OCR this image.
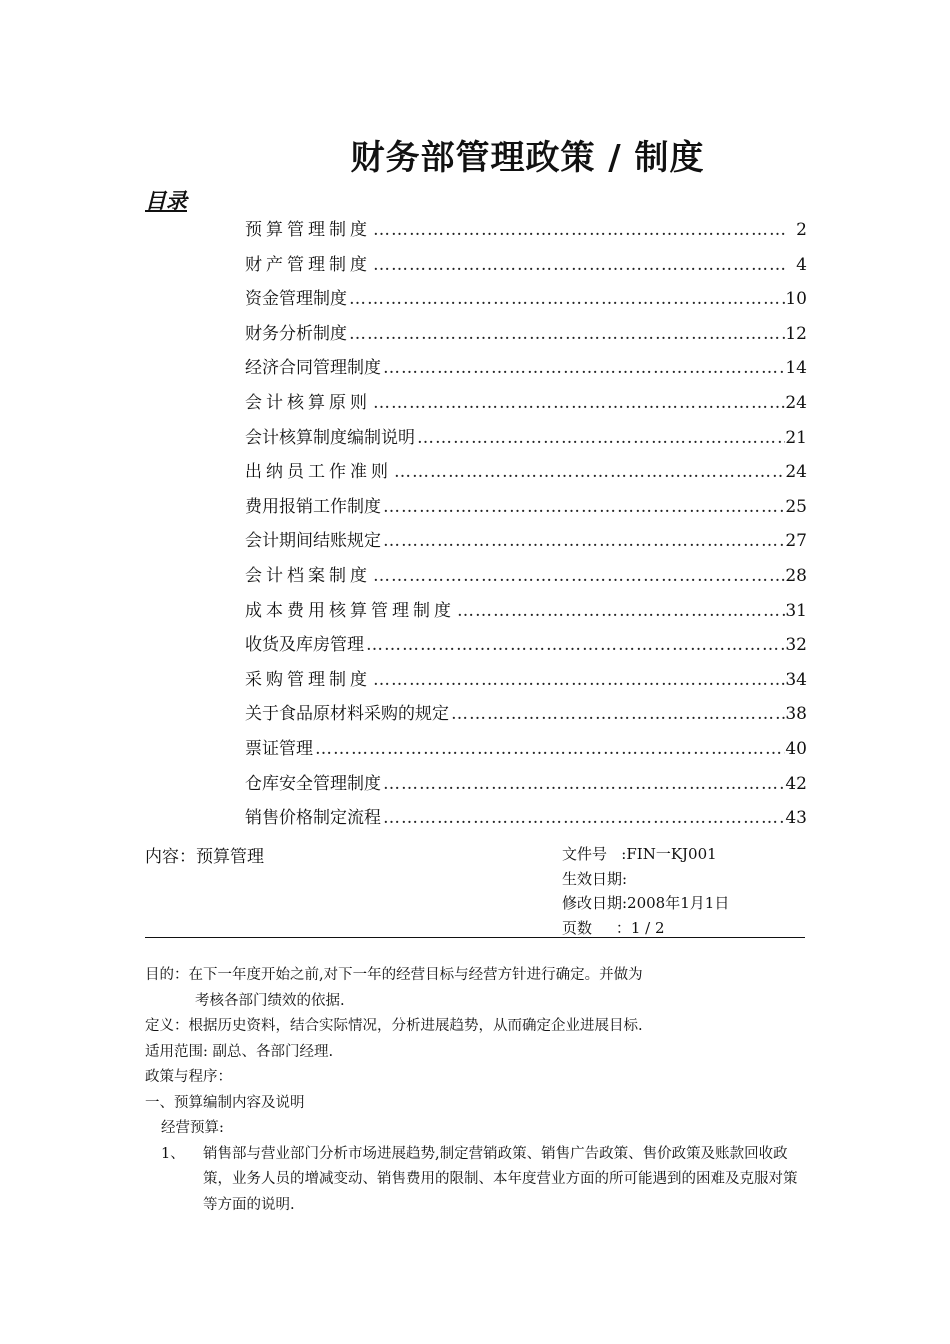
财务部管理政策 / 制度
目录
预算管理制度 ……………………………………………………………………………………………………………………………………	2
财产管理制度 ……………………………………………………………………………………………………………………………………	4
资金管理制度 ……………………………………………………………………………………………………………………………………	10
财务分析制度 ……………………………………………………………………………………………………………………………………	12
经济合同管理制度 ……………………………………………………………………………………………………………………………………	14
会计核算原则 ……………………………………………………………………………………………………………………………………	24
会计核算制度编制说明 ……………………………………………………………………………………………………………………………………	21
出纳员工作准则 ……………………………………………………………………………………………………………………………………	24
费用报销工作制度 ……………………………………………………………………………………………………………………………………	25
会计期间结账规定 ……………………………………………………………………………………………………………………………………	27
会计档案制度 ……………………………………………………………………………………………………………………………………	28
成本费用核算管理制度 ……………………………………………………………………………………………………………………………………	31
收货及库房管理 ……………………………………………………………………………………………………………………………………	32
采购管理制度 ……………………………………………………………………………………………………………………………………	34
关于食品原材料采购的规定 ……………………………………………………………………………………………………………………………………	38
票证管理 ……………………………………………………………………………………………………………………………………	40
仓库安全管理制度 ……………………………………………………………………………………………………………………………………	42
销售价格制定流程 ……………………………………………………………………………………………………………………………………	43
内容：预算管理	文件号   :FIN一KJ001
生效日期:
修改日期:2008年1月1日
页数     ：1 / 2
目的：在下一年度开始之前,对下一年的经营目标与经营方针进行确定。并做为
考核各部门绩效的依据.
定义：根据历史资料，结合实际情况，分析进展趋势，从而确定企业进展目标.
适用范围: 副总、各部门经理.
政策与程序：
一、预算编制内容及说明
经营预算:
1、	销售部与营业部门分析市场进展趋势,制定营销政策、销售广告政策、售价政策及账款回收政策，业务人员的增减变动、销售费用的限制、本年度营业方面的所可能遇到的困难及克服对策等方面的说明.
